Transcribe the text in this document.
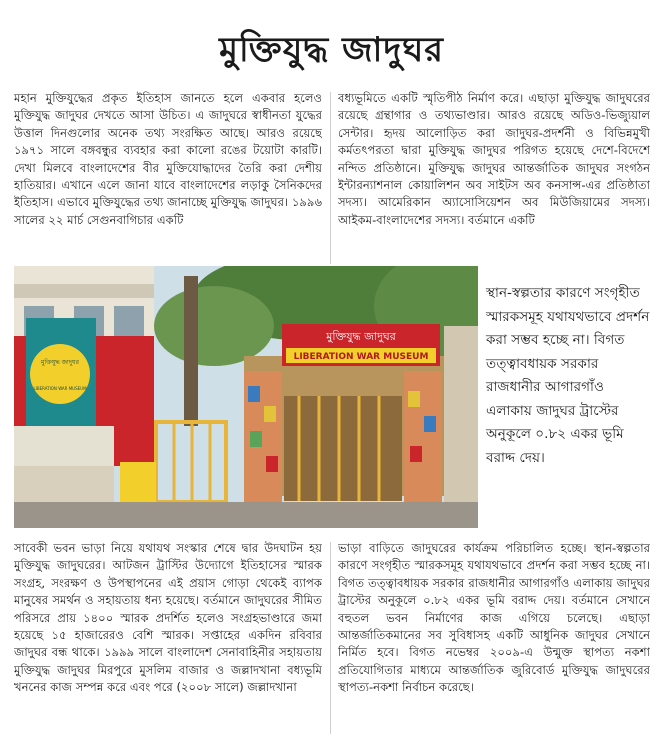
মুক্তিযুদ্ধ জাদুঘর

মহান মুক্তিযুদ্ধের প্রকৃত ইতিহাস জানতে হলে একবার হলেও মুক্তিযুদ্ধ জাদুঘর দেখতে আসা উচিত। এ জাদুঘরে স্বাধীনতা যুদ্ধের উত্তাল দিনগুলোর অনেক তথ্য সংরক্ষিত আছে। আরও রয়েছে ১৯৭১ সালে বঙ্গবন্ধুর ব্যবহার করা কালো রঙের টয়োটা কারটি। দেখা মিলবে বাংলাদেশের বীর মুক্তিযোদ্ধাদের তৈরি করা দেশীয় হাতিয়ার। এখানে এলে জানা যাবে বাংলাদেশের লড়াকু সৈনিকদের ইতিহাস। এভাবে মুক্তিযুদ্ধের তথ্য জানাচ্ছে মুক্তিযুদ্ধ জাদুঘর। ১৯৯৬ সালের ২২ মার্চ সেগুনবাগিচার একটি

বধ্যভূমিতে একটি স্মৃতিপীঠ নির্মাণ করে। এছাড়া মুক্তিযুদ্ধ জাদুঘরের রয়েছে গ্রন্থাগার ও তথ্যভাণ্ডার। আরও রয়েছে অডিও-ভিজ্যুয়াল সেন্টার। হৃদয় আলোড়িত করা জাদুঘর-প্রদর্শনী ও বিভিন্নমুখী কর্মতৎপরতা দ্বারা মুক্তিযুদ্ধ জাদুঘর পরিগত হয়েছে দেশে-বিদেশে নন্দিত প্রতিষ্ঠানে। মুক্তিযুদ্ধ জাদুঘর আন্তর্জাতিক জাদুঘর সংগঠন ইন্টারন্যাশনাল কোয়ালিশন অব সাইটস অব কনসান্স-এর প্রতিষ্ঠাতা সদস্য। আমেরিকান অ্যাসোসিয়েশন অব মিউজিয়ামের সদস্য। আইকম-বাংলাদেশের সদস্য। বর্তমানে একটি

মুক্তিযুদ্ধ জাদুঘর
LIBERATION WAR MUSEUM
মুক্তিযুদ্ধ জাদুঘর
LIBERATION WAR MUSEUM

স্থান-স্বল্পতার কারণে সংগৃহীত স্মারকসমূহ যথাযথভাবে প্রদর্শন করা সম্ভব হচ্ছে না। বিগত তত্ত্বাবধায়ক সরকার রাজধানীর আগারগাঁও এলাকায় জাদুঘর ট্রাস্টের অনুকূলে ০.৮২ একর ভূমি বরাদ্দ দেয়।

সাবেকী ভবন ভাড়া নিয়ে যথাযথ সংস্কার শেষে দ্বার উদঘাটন হয় মুক্তিযুদ্ধ জাদুঘরের। আটজন ট্রাস্টির উদ্যোগে ইতিহাসের স্মারক সংগ্রহ, সংরক্ষণ ও উপস্থাপনের এই প্রয়াস গোড়া থেকেই ব্যাপক মানুষের সমর্থন ও সহায়তায় ধন্য হয়েছে। বর্তমানে জাদুঘরের সীমিত পরিসরে প্রায় ১৪০০ স্মারক প্রদর্শিত হলেও সংগ্রহভাণ্ডারে জমা হয়েছে ১৫ হাজারেরও বেশি স্মারক। সপ্তাহের একদিন রবিবার জাদুঘর বন্ধ থাকে। ১৯৯৯ সালে বাংলাদেশ সেনাবাহিনীর সহায়তায় মুক্তিযুদ্ধ জাদুঘর মিরপুরে মুসলিম বাজার ও জল্লাদখানা বধ্যভূমি খননের কাজ সম্পন্ন করে এবং পরে (২০০৮ সালে) জল্লাদখানা

ভাড়া বাড়িতে জাদুঘরের কার্যক্রম পরিচালিত হচ্ছে। স্থান-স্বল্পতার কারণে সংগৃহীত স্মারকসমূহ যথাযথভাবে প্রদর্শন করা সম্ভব হচ্ছে না। বিগত তত্ত্বাবধায়ক সরকার রাজধানীর আগারগাঁও এলাকায় জাদুঘর ট্রাস্টের অনুকূলে ০.৮২ একর ভূমি বরাদ্দ দেয়। বর্তমানে সেখানে বহুতল ভবন নির্মাণের কাজ এগিয়ে চলেছে। এছাড়া আন্তর্জাতিকমানের সব সুবিধাসহ একটি আধুনিক জাদুঘর সেখানে নির্মিত হবে। বিগত নভেম্বর ২০০৯-এ উন্মুক্ত স্থাপত্য নকশা প্রতিযোগিতার মাধ্যমে আন্তর্জাতিক জুরিবোর্ড মুক্তিযুদ্ধ জাদুঘরের স্থাপত্য-নকশা নির্বাচন করেছে।
